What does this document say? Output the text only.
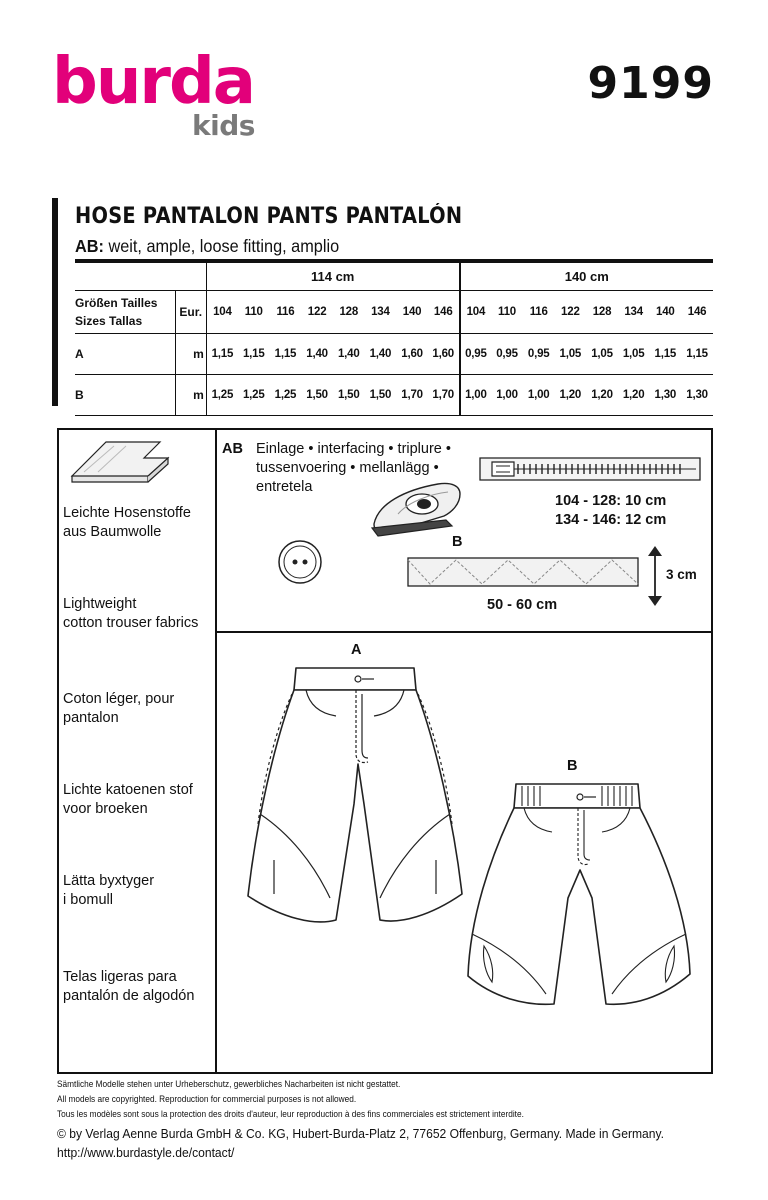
burda
kids
9199
HOSE PANTALON PANTS PANTALÓN
AB: weit, ample, loose fitting, amplio
		114 cm								140 cm							

Größen Tailles
Sizes Tallas	Eur.	104	110	116	122	128	134	140	146	104	110	116	122	128	134	140	146
A	m	1,15	1,15	1,15	1,40	1,40	1,40	1,60	1,60	0,95	0,95	0,95	1,05	1,05	1,05	1,15	1,15
B	m	1,25	1,25	1,25	1,50	1,50	1,50	1,70	1,70	1,00	1,00	1,00	1,20	1,20	1,20	1,30	1,30
Leichte Hosenstoffe
aus Baumwolle
Lightweight
cotton trouser fabrics
Coton léger, pour
pantalon
Lichte katoenen stof
voor broeken
Lätta byxtyger
i bomull
Telas ligeras para
pantalón de algodón
AB Einlage • interfacing • triplure •
tussenvoering • mellanlägg •
entretela
104 - 128: 10 cm
134 - 146: 12 cm
B
3 cm
50 - 60 cm
A
B
Sämtliche Modelle stehen unter Urheberschutz, gewerbliches Nacharbeiten ist nicht gestattet.
All models are copyrighted. Reproduction for commercial purposes is not allowed.
Tous les modèles sont sous la protection des droits d'auteur, leur reproduction à des fins commerciales est strictement interdite.
© by Verlag Aenne Burda GmbH & Co. KG, Hubert-Burda-Platz 2, 77652 Offenburg, Germany. Made in Germany.
http://www.burdastyle.de/contact/
